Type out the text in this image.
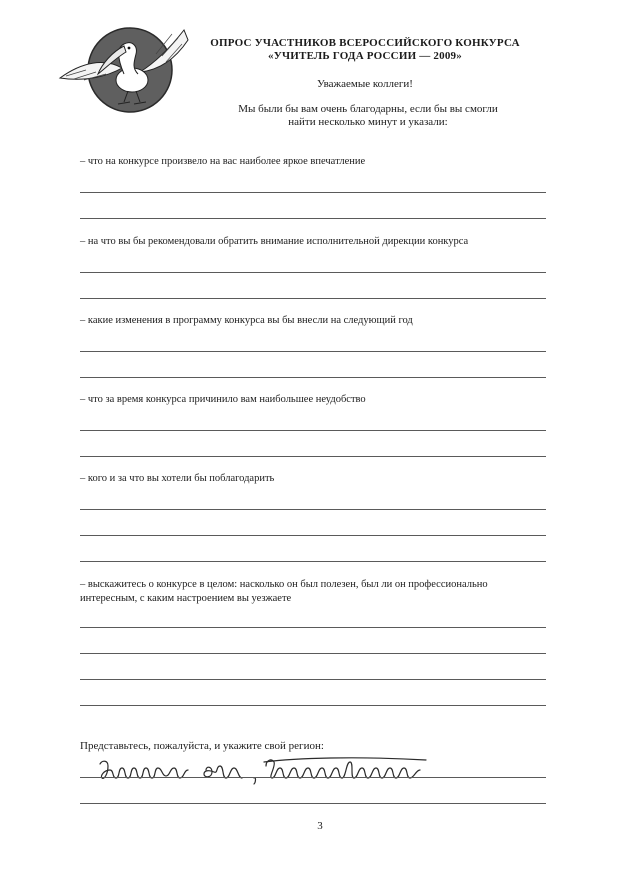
ОПРОС УЧАСТНИКОВ ВСЕРОССИЙСКОГО КОНКУРСА
«УЧИТЕЛЬ ГОДА РОССИИ — 2009»
Уважаемые коллеги!
Мы были бы вам очень благодарны, если бы вы смогли найти несколько минут и указали:
– что на конкурсе произвело на вас наиболее яркое впечатление
– на что вы бы рекомендовали обратить внимание исполнительной дирекции конкурса
– какие изменения в программу конкурса вы бы внесли на следующий год
– что за время конкурса причинило вам наибольшее неудобство
– кого и за что вы хотели бы поблагодарить
– выскажитесь о конкурсе в целом: насколько он был полезен, был ли он профессионально интересным, с каким настроением вы уезжаете
Представьтесь, пожалуйста, и укажите свой регион:
3
